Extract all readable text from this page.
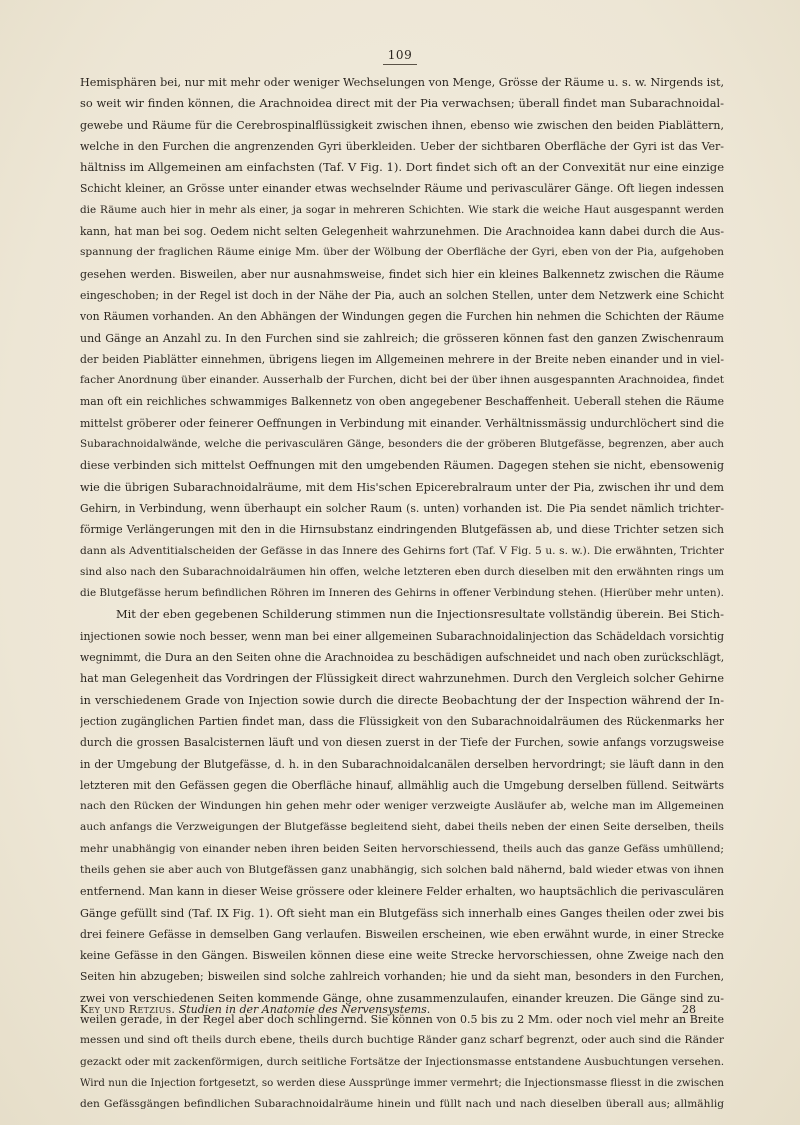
109
Hemisphären bei, nur mit mehr oder weniger Wechselungen von Menge, Grösse der Räume u. s. w. Nirgends ist,
so weit wir finden können, die Arachnoidea direct mit der Pia verwachsen; überall findet man Subarachnoidal-
gewebe und Räume für die Cerebrospinalflüssigkeit zwischen ihnen, ebenso wie zwischen den beiden Piablättern,
welche in den Furchen die angrenzenden Gyri überkleiden. Ueber der sichtbaren Oberfläche der Gyri ist das Ver-
hältniss im Allgemeinen am einfachsten (Taf. V Fig. 1). Dort findet sich oft an der Convexität nur eine einzige
Schicht kleiner, an Grösse unter einander etwas wechselnder Räume und perivasculärer Gänge. Oft liegen indessen
die Räume auch hier in mehr als einer, ja sogar in mehreren Schichten. Wie stark die weiche Haut ausgespannt werden
kann, hat man bei sog. Oedem nicht selten Gelegenheit wahrzunehmen. Die Arachnoidea kann dabei durch die Aus-
spannung der fraglichen Räume einige Mm. über der Wölbung der Oberfläche der Gyri, eben von der Pia, aufgehoben
gesehen werden. Bisweilen, aber nur ausnahmsweise, findet sich hier ein kleines Balkennetz zwischen die Räume
eingeschoben; in der Regel ist doch in der Nähe der Pia, auch an solchen Stellen, unter dem Netzwerk eine Schicht
von Räumen vorhanden. An den Abhängen der Windungen gegen die Furchen hin nehmen die Schichten der Räume
und Gänge an Anzahl zu. In den Furchen sind sie zahlreich; die grösseren können fast den ganzen Zwischenraum
der beiden Piablätter einnehmen, übrigens liegen im Allgemeinen mehrere in der Breite neben einander und in viel-
facher Anordnung über einander. Ausserhalb der Furchen, dicht bei der über ihnen ausgespannten Arachnoidea, findet
man oft ein reichliches schwammiges Balkennetz von oben angegebener Beschaffenheit. Ueberall stehen die Räume
mittelst gröberer oder feinerer Oeffnungen in Verbindung mit einander. Verhältnissmässig undurchlöchert sind die
Subarachnoidalwände, welche die perivasculären Gänge, besonders die der gröberen Blutgefässe, begrenzen, aber auch
diese verbinden sich mittelst Oeffnungen mit den umgebenden Räumen. Dagegen stehen sie nicht, ebensowenig
wie die übrigen Subarachnoidalräume, mit dem His'schen Epicerebralraum unter der Pia, zwischen ihr und dem
Gehirn, in Verbindung, wenn überhaupt ein solcher Raum (s. unten) vorhanden ist. Die Pia sendet nämlich trichter-
förmige Verlängerungen mit den in die Hirnsubstanz eindringenden Blutgefässen ab, und diese Trichter setzen sich
dann als Adventitialscheiden der Gefässe in das Innere des Gehirns fort (Taf. V Fig. 5 u. s. w.). Die erwähnten, Trichter
sind also nach den Subarachnoidalräumen hin offen, welche letzteren eben durch dieselben mit den erwähnten rings um
die Blutgefässe herum befindlichen Röhren im Inneren des Gehirns in offener Verbindung stehen. (Hierüber mehr unten).
Mit der eben gegebenen Schilderung stimmen nun die Injectionsresultate vollständig überein. Bei Stich-
injectionen sowie noch besser, wenn man bei einer allgemeinen Subarachnoidalinjection das Schädeldach vorsichtig
wegnimmt, die Dura an den Seiten ohne die Arachnoidea zu beschädigen aufschneidet und nach oben zurückschlägt,
hat man Gelegenheit das Vordringen der Flüssigkeit direct wahrzunehmen. Durch den Vergleich solcher Gehirne
in verschiedenem Grade von Injection sowie durch die directe Beobachtung der der Inspection während der In-
jection zugänglichen Partien findet man, dass die Flüssigkeit von den Subarachnoidalräumen des Rückenmarks her
durch die grossen Basalcisternen läuft und von diesen zuerst in der Tiefe der Furchen, sowie anfangs vorzugsweise
in der Umgebung der Blutgefässe, d. h. in den Subarachnoidalcanälen derselben hervordringt; sie läuft dann in den
letzteren mit den Gefässen gegen die Oberfläche hinauf, allmählig auch die Umgebung derselben füllend. Seitwärts
nach den Rücken der Windungen hin gehen mehr oder weniger verzweigte Ausläufer ab, welche man im Allgemeinen
auch anfangs die Verzweigungen der Blutgefässe begleitend sieht, dabei theils neben der einen Seite derselben, theils
mehr unabhängig von einander neben ihren beiden Seiten hervorschiessend, theils auch das ganze Gefäss umhüllend;
theils gehen sie aber auch von Blutgefässen ganz unabhängig, sich solchen bald nähernd, bald wieder etwas von ihnen
entfernend. Man kann in dieser Weise grössere oder kleinere Felder erhalten, wo hauptsächlich die perivasculären
Gänge gefüllt sind (Taf. IX Fig. 1). Oft sieht man ein Blutgefäss sich innerhalb eines Ganges theilen oder zwei bis
drei feinere Gefässe in demselben Gang verlaufen. Bisweilen erscheinen, wie eben erwähnt wurde, in einer Strecke
keine Gefässe in den Gängen. Bisweilen können diese eine weite Strecke hervorschiessen, ohne Zweige nach den
Seiten hin abzugeben; bisweilen sind solche zahlreich vorhanden; hie und da sieht man, besonders in den Furchen,
zwei von verschiedenen Seiten kommende Gänge, ohne zusammenzulaufen, einander kreuzen. Die Gänge sind zu-
weilen gerade, in der Regel aber doch schlingernd. Sie können von 0.5 bis zu 2 Mm. oder noch viel mehr an Breite
messen und sind oft theils durch ebene, theils durch buchtige Ränder ganz scharf begrenzt, oder auch sind die Ränder
gezackt oder mit zackenförmigen, durch seitliche Fortsätze der Injectionsmasse entstandene Ausbuchtungen versehen.
Wird nun die Injection fortgesetzt, so werden diese Aussprünge immer vermehrt; die Injectionsmasse fliesst in die zwischen
den Gefässgängen befindlichen Subarachnoidalräume hinein und füllt nach und nach dieselben überall aus; allmählig
Key und Retzius. Studien in der Anatomie des Nervensystems.	28
